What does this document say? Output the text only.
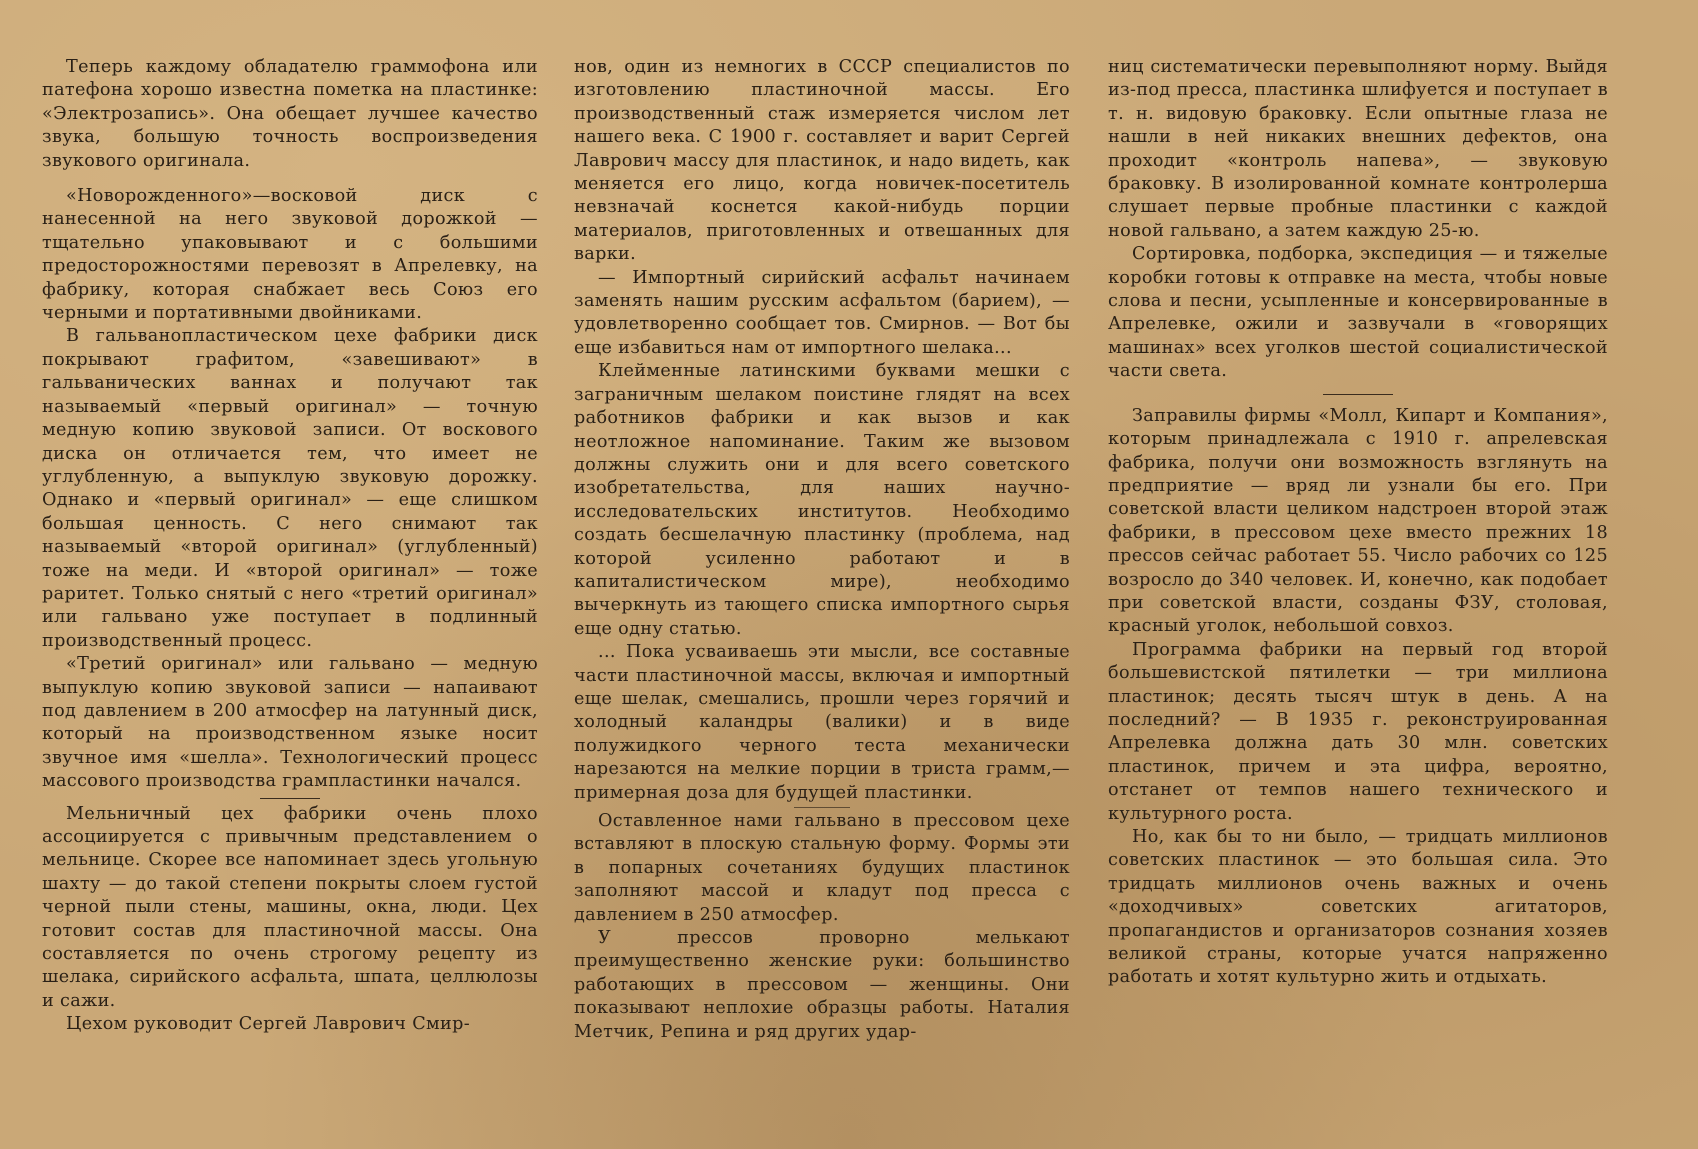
Теперь каждому обладателю граммофона или патефона хорошо известна пометка на пластинке: «Электрозапись». Она обещает лучшее качество звука, большую точность воспроизведения звукового оригинала.

«Новорожденного»—восковой диск с нанесенной на него звуковой дорожкой — тщательно упаковывают и с большими предосторожностями перевозят в Апрелевку, на фабрику, которая снабжает весь Союз его черными и портативными двойниками.

В гальванопластическом цехе фабрики диск покрывают графитом, «завешивают» в гальванических ваннах и получают так называемый «первый оригинал» — точную медную копию звуковой записи. От воскового диска он отличается тем, что имеет не углубленную, а выпуклую звуковую дорожку. Однако и «первый оригинал» — еще слишком большая ценность. С него снимают так называемый «второй оригинал» (углубленный) тоже на меди. И «второй оригинал» — тоже раритет. Только снятый с него «третий оригинал» или гальвано уже поступает в подлинный производственный процесс.

«Третий оригинал» или гальвано — медную выпуклую копию звуковой записи — напаивают под давлением в 200 атмосфер на латунный диск, который на производственном языке носит звучное имя «шелла». Технологический процесс массового производства грампластинки начался.

Мельничный цех фабрики очень плохо ассоциируется с привычным представлением о мельнице. Скорее все напоминает здесь угольную шахту — до такой степени покрыты слоем густой черной пыли стены, машины, окна, люди. Цех готовит состав для пластиночной массы. Она составляется по очень строгому рецепту из шелака, сирийского асфальта, шпата, целлюлозы и сажи.

Цехом руководит Сергей Лаврович Смир-

нов, один из немногих в СССР специалистов по изготовлению пластиночной массы. Его производственный стаж измеряется числом лет нашего века. С 1900 г. составляет и варит Сергей Лаврович массу для пластинок, и надо видеть, как меняется его лицо, когда новичек-посетитель невзначай коснется какой-нибудь порции материалов, приготовленных и отвешанных для варки.

— Импортный сирийский асфальт начинаем заменять нашим русским асфальтом (барием), — удовлетворенно сообщает тов. Смирнов. — Вот бы еще избавиться нам от импортного шелака...

Клейменные латинскими буквами мешки с заграничным шелаком поистине глядят на всех работников фабрики и как вызов и как неотложное напоминание. Таким же вызовом должны служить они и для всего советского изобретательства, для наших научно-исследовательских институтов. Необходимо создать бесшелачную пластинку (проблема, над которой усиленно работают и в капиталистическом мире), необходимо вычеркнуть из тающего списка импортного сырья еще одну статью.

... Пока усваиваешь эти мысли, все составные части пластиночной массы, включая и импортный еще шелак, смешались, прошли через горячий и холодный каландры (валики) и в виде полужидкого черного теста механически нарезаются на мелкие порции в триста грамм,—примерная доза для будущей пластинки.

Оставленное нами гальвано в прессовом цехе вставляют в плоскую стальную форму. Формы эти в попарных сочетаниях будущих пластинок заполняют массой и кладут под пресса с давлением в 250 атмосфер.

У прессов проворно мелькают преимущественно женские руки: большинство работающих в прессовом — женщины. Они показывают неплохие образцы работы. Наталия Метчик, Репина и ряд других удар-

ниц систематически перевыполняют норму. Выйдя из-под пресса, пластинка шлифуется и поступает в т. н. видовую браковку. Если опытные глаза не нашли в ней никаких внешних дефектов, она проходит «контроль напева», — звуковую браковку. В изолированной комнате контролерша слушает первые пробные пластинки с каждой новой гальвано, а затем каждую 25-ю.

Сортировка, подборка, экспедиция — и тяжелые коробки готовы к отправке на места, чтобы новые слова и песни, усыпленные и консервированные в Апрелевке, ожили и зазвучали в «говорящих машинах» всех уголков шестой социалистической части света.

Заправилы фирмы «Молл, Кипарт и Компания», которым принадлежала с 1910 г. апрелевская фабрика, получи они возможность взглянуть на предприятие — вряд ли узнали бы его. При советской власти целиком надстроен второй этаж фабрики, в прессовом цехе вместо прежних 18 прессов сейчас работает 55. Число рабочих со 125 возросло до 340 человек. И, конечно, как подобает при советской власти, созданы ФЗУ, столовая, красный уголок, небольшой совхоз.

Программа фабрики на первый год второй большевистской пятилетки — три миллиона пластинок; десять тысяч штук в день. А на последний? — В 1935 г. реконструированная Апрелевка должна дать 30 млн. советских пластинок, причем и эта цифра, вероятно, отстанет от темпов нашего технического и культурного роста.

Но, как бы то ни было, — тридцать миллионов советских пластинок — это большая сила. Это тридцать миллионов очень важных и очень «доходчивых» советских агитаторов, пропагандистов и организаторов сознания хозяев великой страны, которые учатся напряженно работать и хотят культурно жить и отдыхать.
